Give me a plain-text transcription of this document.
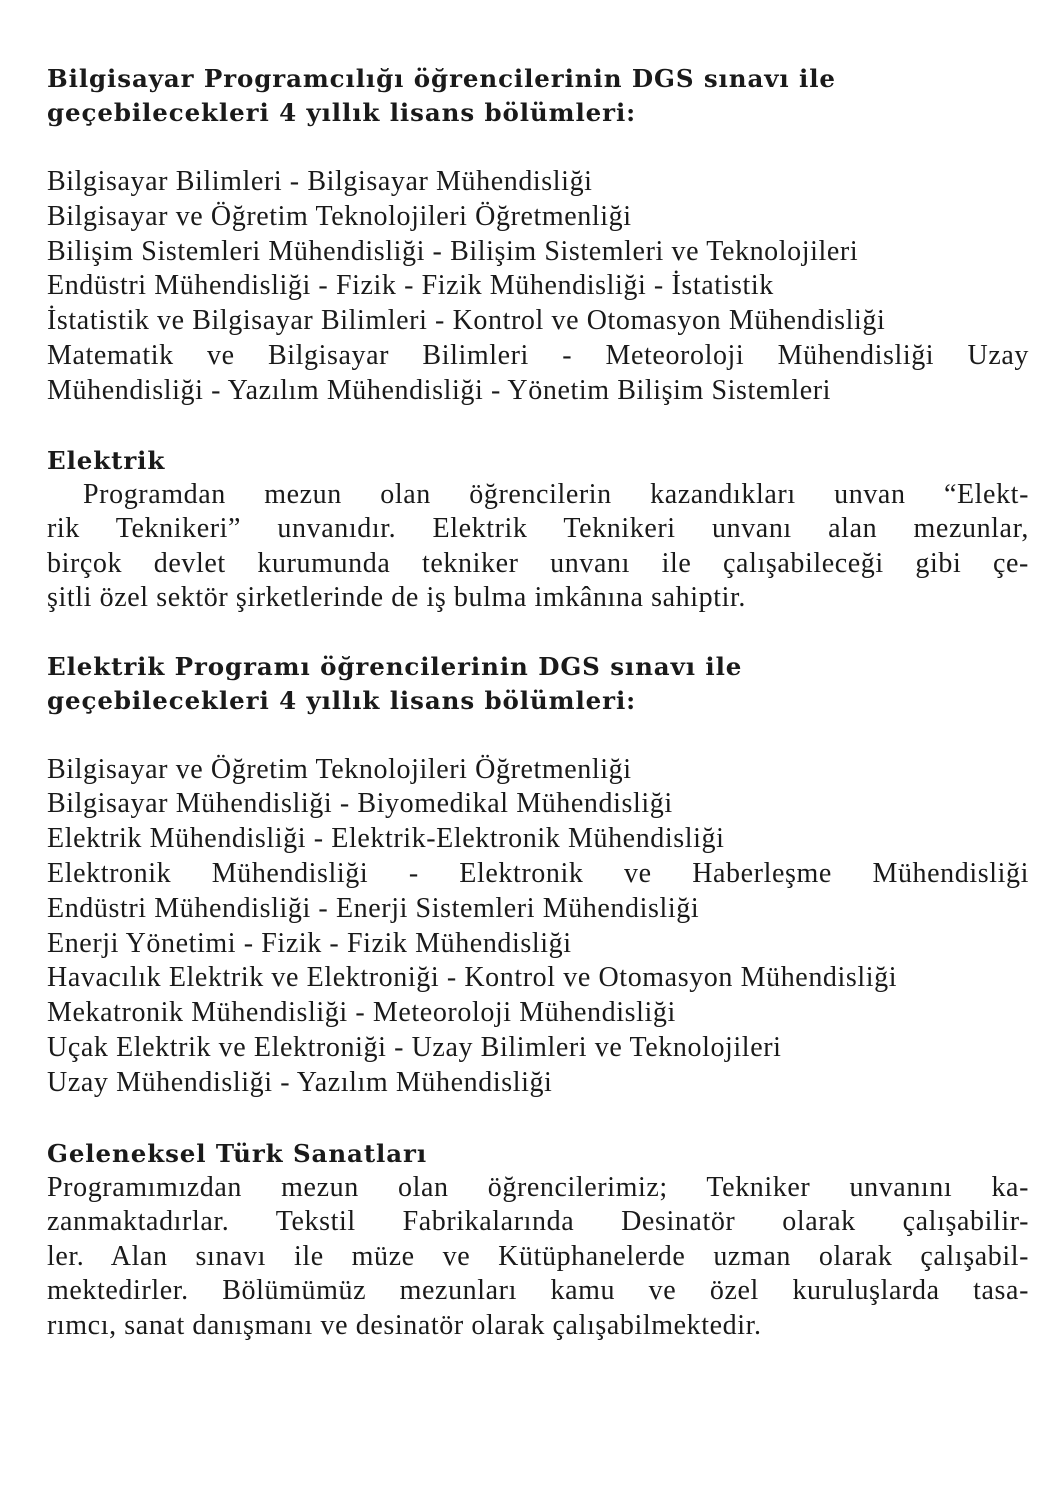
Bilgisayar Programcılığı öğrencilerinin DGS sınavı ile
geçebilecekleri 4 yıllık lisans bölümleri:
Bilgisayar Bilimleri - Bilgisayar Mühendisliği
Bilgisayar ve Öğretim Teknolojileri Öğretmenliği
Bilişim Sistemleri Mühendisliği - Bilişim Sistemleri ve Teknolojileri
Endüstri Mühendisliği - Fizik - Fizik Mühendisliği - İstatistik
İstatistik ve Bilgisayar Bilimleri - Kontrol ve Otomasyon Mühendisliği
Matematik ve Bilgisayar Bilimleri - Meteoroloji Mühendisliği Uzay
Mühendisliği - Yazılım Mühendisliği - Yönetim Bilişim Sistemleri
Elektrik
Programdan mezun olan öğrencilerin kazandıkları unvan “Elekt-
rik Teknikeri” unvanıdır. Elektrik Teknikeri unvanı alan mezunlar,
birçok devlet kurumunda tekniker unvanı ile çalışabileceği gibi çe-
şitli özel sektör şirketlerinde de iş bulma imkânına sahiptir.
Elektrik Programı öğrencilerinin DGS sınavı ile
geçebilecekleri 4 yıllık lisans bölümleri:
Bilgisayar ve Öğretim Teknolojileri Öğretmenliği
Bilgisayar Mühendisliği - Biyomedikal Mühendisliği
Elektrik Mühendisliği - Elektrik-Elektronik Mühendisliği
Elektronik Mühendisliği - Elektronik ve Haberleşme Mühendisliği
Endüstri Mühendisliği - Enerji Sistemleri Mühendisliği
Enerji Yönetimi - Fizik - Fizik Mühendisliği
Havacılık Elektrik ve Elektroniği - Kontrol ve Otomasyon Mühendisliği
Mekatronik Mühendisliği - Meteoroloji Mühendisliği
Uçak Elektrik ve Elektroniği - Uzay Bilimleri ve Teknolojileri
Uzay Mühendisliği - Yazılım Mühendisliği
Geleneksel Türk Sanatları
Programımızdan mezun olan öğrencilerimiz; Tekniker unvanını ka-
zanmaktadırlar. Tekstil Fabrikalarında Desinatör olarak çalışabilir-
ler. Alan sınavı ile müze ve Kütüphanelerde uzman olarak çalışabil-
mektedirler. Bölümümüz mezunları kamu ve özel kuruluşlarda tasa-
rımcı, sanat danışmanı ve desinatör olarak çalışabilmektedir.
